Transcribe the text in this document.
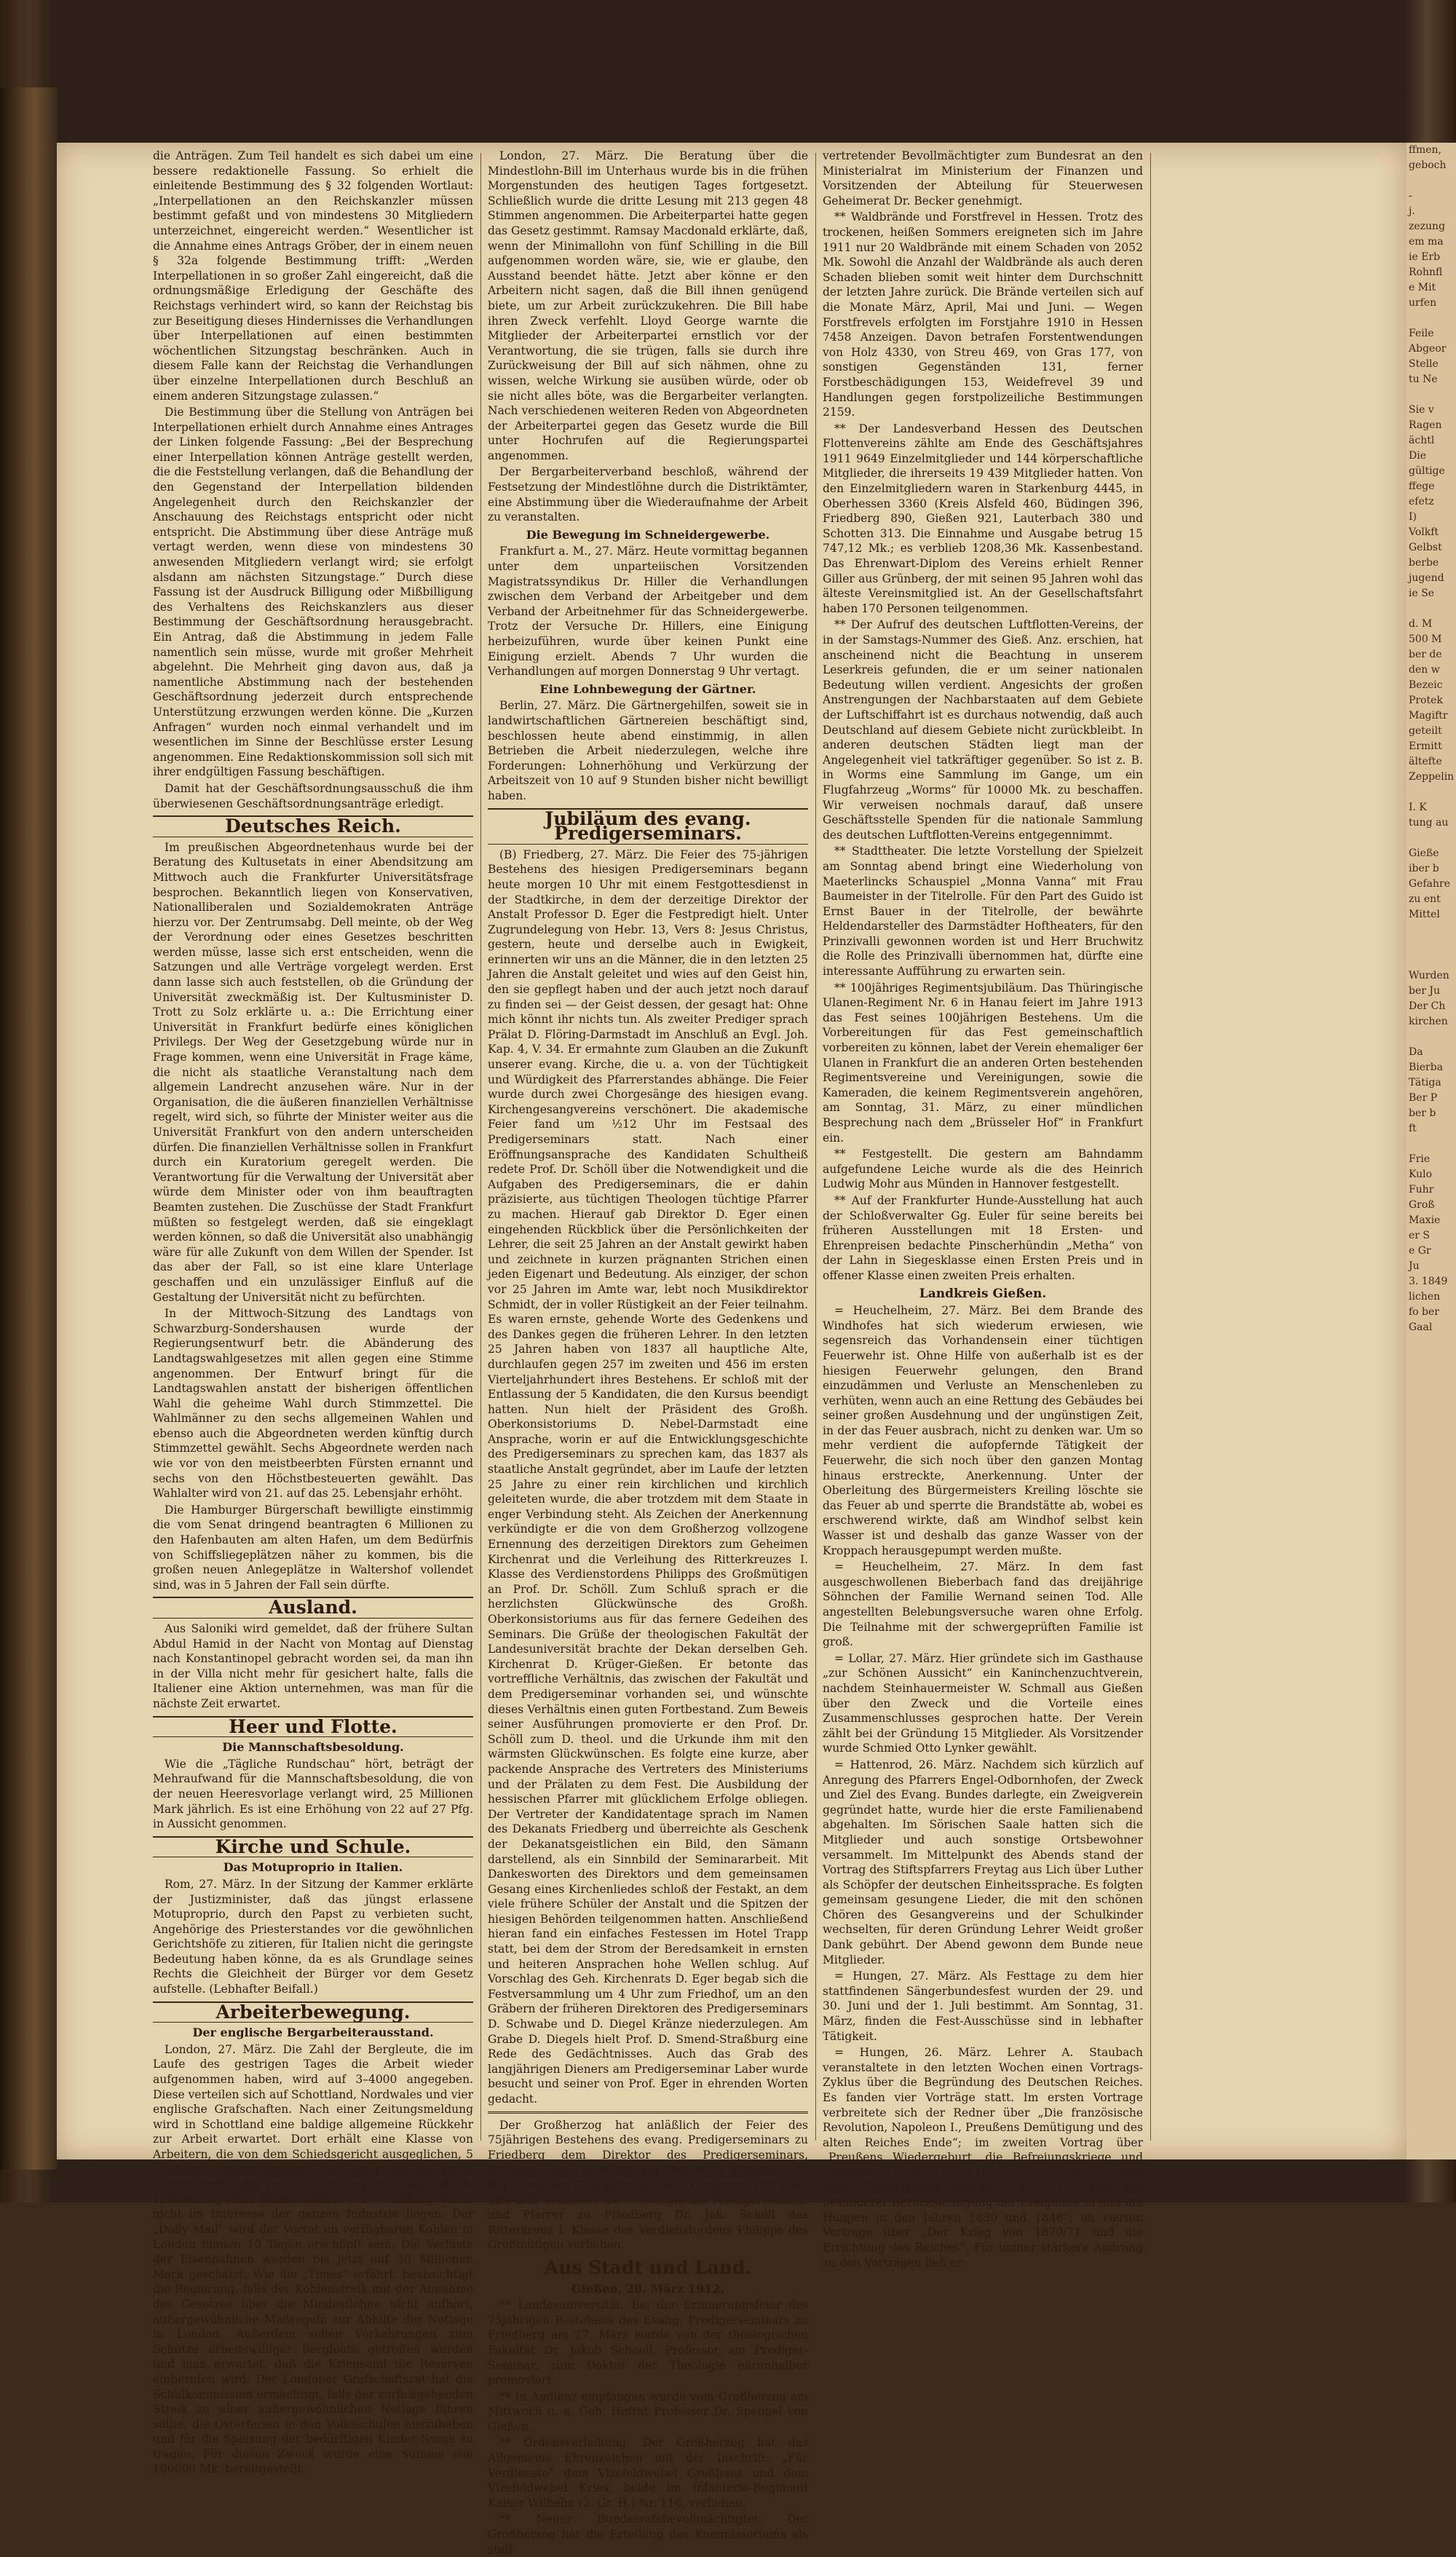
die Anträgen. Zum Teil handelt es sich dabei um eine bessere redaktionelle Fassung. So erhielt die einleitende Bestimmung des § 32 folgenden Wortlaut: „Interpellationen an den Reichskanzler müssen bestimmt gefaßt und von mindestens 30 Mitgliedern unterzeichnet, eingereicht werden.“ Wesentlicher ist die Annahme eines Antrags Gröber, der in einem neuen § 32a folgende Bestimmung trifft: „Werden Interpellationen in so großer Zahl eingereicht, daß die ordnungsmäßige Erledigung der Geschäfte des Reichstags verhindert wird, so kann der Reichstag bis zur Beseitigung dieses Hindernisses die Verhandlungen über Interpellationen auf einen bestimmten wöchentlichen Sitzungstag beschränken. Auch in diesem Falle kann der Reichstag die Verhandlungen über einzelne Interpellationen durch Beschluß an einem anderen Sitzungstage zulassen.“

Die Bestimmung über die Stellung von Anträgen bei Interpellationen erhielt durch Annahme eines Antrages der Linken folgende Fassung: „Bei der Besprechung einer Interpellation können Anträge gestellt werden, die die Feststellung verlangen, daß die Behandlung der den Gegenstand der Interpellation bildenden Angelegenheit durch den Reichskanzler der Anschauung des Reichstags entspricht oder nicht entspricht. Die Abstimmung über diese Anträge muß vertagt werden, wenn diese von mindestens 30 anwesenden Mitgliedern verlangt wird; sie erfolgt alsdann am nächsten Sitzungstage.“ Durch diese Fassung ist der Ausdruck Billigung oder Mißbilligung des Verhaltens des Reichskanzlers aus dieser Bestimmung der Geschäftsordnung herausgebracht. Ein Antrag, daß die Abstimmung in jedem Falle namentlich sein müsse, wurde mit großer Mehrheit abgelehnt. Die Mehrheit ging davon aus, daß ja namentliche Abstimmung nach der bestehenden Geschäftsordnung jederzeit durch entsprechende Unterstützung erzwungen werden könne. Die „Kurzen Anfragen“ wurden noch einmal verhandelt und im wesentlichen im Sinne der Beschlüsse erster Lesung angenommen. Eine Redaktionskommission soll sich mit ihrer endgültigen Fassung beschäftigen.

Damit hat der Geschäftsordnungsausschuß die ihm überwiesenen Geschäftsordnungsanträge erledigt.

Deutsches Reich.

Im preußischen Abgeordnetenhaus wurde bei der Beratung des Kultusetats in einer Abendsitzung am Mittwoch auch die Frankfurter Universitätsfrage besprochen. Bekanntlich liegen von Konservativen, Nationalliberalen und Sozialdemokraten Anträge hierzu vor. Der Zentrumsabg. Dell meinte, ob der Weg der Verordnung oder eines Gesetzes beschritten werden müsse, lasse sich erst entscheiden, wenn die Satzungen und alle Verträge vorgelegt werden. Erst dann lasse sich auch feststellen, ob die Gründung der Universität zweckmäßig ist. Der Kultusminister D. Trott zu Solz erklärte u. a.: Die Errichtung einer Universität in Frankfurt bedürfe eines königlichen Privilegs. Der Weg der Gesetzgebung würde nur in Frage kommen, wenn eine Universität in Frage käme, die nicht als staatliche Veranstaltung nach dem allgemein Landrecht anzusehen wäre. Nur in der Organisation, die die äußeren finanziellen Verhältnisse regelt, wird sich, so führte der Minister weiter aus die Universität Frankfurt von den andern unterscheiden dürfen. Die finanziellen Verhältnisse sollen in Frankfurt durch ein Kuratorium geregelt werden. Die Verantwortung für die Verwaltung der Universität aber würde dem Minister oder von ihm beauftragten Beamten zustehen. Die Zuschüsse der Stadt Frankfurt müßten so festgelegt werden, daß sie eingeklagt werden können, so daß die Universität also unabhängig wäre für alle Zukunft von dem Willen der Spender. Ist das aber der Fall, so ist eine klare Unterlage geschaffen und ein unzulässiger Einfluß auf die Gestaltung der Universität nicht zu befürchten.

In der Mittwoch-Sitzung des Landtags von Schwarzburg-Sondershausen wurde der Regierungsentwurf betr. die Abänderung des Landtagswahlgesetzes mit allen gegen eine Stimme angenommen. Der Entwurf bringt für die Landtagswahlen anstatt der bisherigen öffentlichen Wahl die geheime Wahl durch Stimmzettel. Die Wahlmänner zu den sechs allgemeinen Wahlen und ebenso auch die Abgeordneten werden künftig durch Stimmzettel gewählt. Sechs Abgeordnete werden nach wie vor von den meistbeerbten Fürsten ernannt und sechs von den Höchstbesteuerten gewählt. Das Wahlalter wird von 21. auf das 25. Lebensjahr erhöht.

Die Hamburger Bürgerschaft bewilligte einstimmig die vom Senat dringend beantragten 6 Millionen zu den Hafenbauten am alten Hafen, um dem Bedürfnis von Schiffsliegeplätzen näher zu kommen, bis die großen neuen Anlegeplätze in Waltershof vollendet sind, was in 5 Jahren der Fall sein dürfte.

Ausland.

Aus Saloniki wird gemeldet, daß der frühere Sultan Abdul Hamid in der Nacht von Montag auf Dienstag nach Konstantinopel gebracht worden sei, da man ihn in der Villa nicht mehr für gesichert halte, falls die Italiener eine Aktion unternehmen, was man für die nächste Zeit erwartet.

Heer und Flotte.
Die Mannschaftsbesoldung.

Wie die „Tägliche Rundschau“ hört, beträgt der Mehraufwand für die Mannschaftsbesoldung, die von der neuen Heeresvorlage verlangt wird, 25 Millionen Mark jährlich. Es ist eine Erhöhung von 22 auf 27 Pfg. in Aussicht genommen.

Kirche und Schule.
Das Motuproprio in Italien.

Rom, 27. März. In der Sitzung der Kammer erklärte der Justizminister, daß das jüngst erlassene Motuproprio, durch den Papst zu verbieten sucht, Angehörige des Priesterstandes vor die gewöhnlichen Gerichtshöfe zu zitieren, für Italien nicht die geringste Bedeutung haben könne, da es als Grundlage seines Rechts die Gleichheit der Bürger vor dem Gesetz aufstelle. (Lebhafter Beifall.)

Arbeiterbewegung.
Der englische Bergarbeiterausstand.

London, 27. März. Die Zahl der Bergleute, die im Laufe des gestrigen Tages die Arbeit wieder aufgenommen haben, wird auf 3–4000 angegeben. Diese verteilen sich auf Schottland, Nordwales und vier englische Grafschaften. Nach einer Zeitungsmeldung wird in Schottland eine baldige allgemeine Rückkehr zur Arbeit erwartet. Dort erhält eine Klasse von Arbeitern, die von dem Schiedsgericht ausgeglichen, 5 Schilling ernannt worden sind, nach wie vor einen Durchschnittslohn von 3½ Schilling pro Tag und die Festsetzung eines Mindestlohnes von 5 Schilling wurde nicht im Interesse der ganzen Industrie liegen. Der „Daily Mail“ wird der Vorrat an verfügbaren Kohlen in London binnen 10 Tagen erschöpft sein. Die Verluste der Eisenbahnen werden bis jetzt auf 30 Millionen Mark geschätzt. Wie die „Times“ erfährt, beabsichtigt die Regierung, falls der Kohlenstreik mit der Annahme des Gesetzes über die Mindestlöhne nicht aufhört, außergewöhnliche Maßregeln zur Abhilfe der Notlage in London. Außerdem sollen Vorkehrungen zum Schutze arbeitswilliger Bergleute getroffen werden und man erwartet, daß die Kriegsamt die Reserven einberufen wird. Der Londoner Grafschaftsrat hat die Schulkommission ermächtigt, falls der zurückgehenden Streik zu einer außergewöhnlichen Notlage führen sollte, die Osterferien in den Volksschulen auszuheben und für die Speisung der bedürftigen Kinder Sorge zu tragen. Für diesen Zweck wurde eine Summe von 100000 Mk. bereitgestellt.

London, 27. März. Die Beratung über die Mindestlohn-Bill im Unterhaus wurde bis in die frühen Morgenstunden des heutigen Tages fortgesetzt. Schließlich wurde die dritte Lesung mit 213 gegen 48 Stimmen angenommen. Die Arbeiterpartei hatte gegen das Gesetz gestimmt. Ramsay Macdonald erklärte, daß, wenn der Minimallohn von fünf Schilling in die Bill aufgenommen worden wäre, sie, wie er glaube, den Ausstand beendet hätte. Jetzt aber könne er den Arbeitern nicht sagen, daß die Bill ihnen genügend biete, um zur Arbeit zurückzukehren. Die Bill habe ihren Zweck verfehlt. Lloyd George warnte die Mitglieder der Arbeiterpartei ernstlich vor der Verantwortung, die sie trügen, falls sie durch ihre Zurückweisung der Bill auf sich nähmen, ohne zu wissen, welche Wirkung sie ausüben würde, oder ob sie nicht alles böte, was die Bergarbeiter verlangten. Nach verschiedenen weiteren Reden von Abgeordneten der Arbeiterpartei gegen das Gesetz wurde die Bill unter Hochrufen auf die Regierungspartei angenommen.

Der Bergarbeiterverband beschloß, während der Festsetzung der Mindestlöhne durch die Distriktämter, eine Abstimmung über die Wiederaufnahme der Arbeit zu veranstalten.

Die Bewegung im Schneidergewerbe.

Frankfurt a. M., 27. März. Heute vormittag begannen unter dem unparteiischen Vorsitzenden Magistratssyndikus Dr. Hiller die Verhandlungen zwischen dem Verband der Arbeitgeber und dem Verband der Arbeitnehmer für das Schneidergewerbe. Trotz der Versuche Dr. Hillers, eine Einigung herbeizuführen, wurde über keinen Punkt eine Einigung erzielt. Abends 7 Uhr wurden die Verhandlungen auf morgen Donnerstag 9 Uhr vertagt.

Eine Lohnbewegung der Gärtner.

Berlin, 27. März. Die Gärtnergehilfen, soweit sie in landwirtschaftlichen Gärtnereien beschäftigt sind, beschlossen heute abend einstimmig, in allen Betrieben die Arbeit niederzulegen, welche ihre Forderungen: Lohnerhöhung und Verkürzung der Arbeitszeit von 10 auf 9 Stunden bisher nicht bewilligt haben.

Jubiläum des evang. Predigerseminars.

(B) Friedberg, 27. März. Die Feier des 75-jährigen Bestehens des hiesigen Predigerseminars begann heute morgen 10 Uhr mit einem Festgottesdienst in der Stadtkirche, in dem der derzeitige Direktor der Anstalt Professor D. Eger die Festpredigt hielt. Unter Zugrundelegung von Hebr. 13, Vers 8: Jesus Christus, gestern, heute und derselbe auch in Ewigkeit, erinnerten wir uns an die Männer, die in den letzten 25 Jahren die Anstalt geleitet und wies auf den Geist hin, den sie gepflegt haben und der auch jetzt noch darauf zu finden sei — der Geist dessen, der gesagt hat: Ohne mich könnt ihr nichts tun. Als zweiter Prediger sprach Prälat D. Flöring-Darmstadt im Anschluß an Evgl. Joh. Kap. 4, V. 34. Er ermahnte zum Glauben an die Zukunft unserer evang. Kirche, die u. a. von der Tüchtigkeit und Würdigkeit des Pfarrerstandes abhänge. Die Feier wurde durch zwei Chorgesänge des hiesigen evang. Kirchengesangvereins verschönert. Die akademische Feier fand um ½12 Uhr im Festsaal des Predigerseminars statt. Nach einer Eröffnungsansprache des Kandidaten Schultheiß redete Prof. Dr. Schöll über die Notwendigkeit und die Aufgaben des Predigerseminars, die er dahin präzisierte, aus tüchtigen Theologen tüchtige Pfarrer zu machen. Hierauf gab Direktor D. Eger einen eingehenden Rückblick über die Persönlichkeiten der Lehrer, die seit 25 Jahren an der Anstalt gewirkt haben und zeichnete in kurzen prägnanten Strichen einen jeden Eigenart und Bedeutung. Als einziger, der schon vor 25 Jahren im Amte war, lebt noch Musikdirektor Schmidt, der in voller Rüstigkeit an der Feier teilnahm. Es waren ernste, gehende Worte des Gedenkens und des Dankes gegen die früheren Lehrer. In den letzten 25 Jahren haben von 1837 all hauptliche Alte, durchlaufen gegen 257 im zweiten und 456 im ersten Vierteljahrhundert ihres Bestehens. Er schloß mit der Entlassung der 5 Kandidaten, die den Kursus beendigt hatten. Nun hielt der Präsident des Großh. Oberkonsistoriums D. Nebel-Darmstadt eine Ansprache, worin er auf die Entwicklungsgeschichte des Predigerseminars zu sprechen kam, das 1837 als staatliche Anstalt gegründet, aber im Laufe der letzten 25 Jahre zu einer rein kirchlichen und kirchlich geleiteten wurde, die aber trotzdem mit dem Staate in enger Verbindung steht. Als Zeichen der Anerkennung verkündigte er die von dem Großherzog vollzogene Ernennung des derzeitigen Direktors zum Geheimen Kirchenrat und die Verleihung des Ritterkreuzes I. Klasse des Verdienstordens Philipps des Großmütigen an Prof. Dr. Schöll. Zum Schluß sprach er die herzlichsten Glückwünsche des Großh. Oberkonsistoriums aus für das fernere Gedeihen des Seminars. Die Grüße der theologischen Fakultät der Landesuniversität brachte der Dekan derselben Geh. Kirchenrat D. Krüger-Gießen. Er betonte das vortreffliche Verhältnis, das zwischen der Fakultät und dem Predigerseminar vorhanden sei, und wünschte dieses Verhältnis einen guten Fortbestand. Zum Beweis seiner Ausführungen promovierte er den Prof. Dr. Schöll zum D. theol. und die Urkunde ihm mit den wärmsten Glückwünschen. Es folgte eine kurze, aber packende Ansprache des Vertreters des Ministeriums und der Prälaten zu dem Fest. Die Ausbildung der hessischen Pfarrer mit glücklichem Erfolge obliegen. Der Vertreter der Kandidatentage sprach im Namen des Dekanats Friedberg und überreichte als Geschenk der Dekanatsgeistlichen ein Bild, den Sämann darstellend, als ein Sinnbild der Seminararbeit. Mit Dankesworten des Direktors und dem gemeinsamen Gesang eines Kirchenliedes schloß der Festakt, an dem viele frühere Schüler der Anstalt und die Spitzen der hiesigen Behörden teilgenommen hatten. Anschließend hieran fand ein einfaches Festessen im Hotel Trapp statt, bei dem der Strom der Beredsamkeit in ernsten und heiteren Ansprachen hohe Wellen schlug. Auf Vorschlag des Geh. Kirchenrats D. Eger begab sich die Festversammlung um 4 Uhr zum Friedhof, um an den Gräbern der früheren Direktoren des Predigerseminars D. Schwabe und D. Diegel Kränze niederzulegen. Am Grabe D. Diegels hielt Prof. D. Smend-Straßburg eine Rede des Gedächtnisses. Auch das Grab des langjährigen Dieners am Predigerseminar Laber wurde besucht und seiner von Prof. Eger in ehrenden Worten gedacht.

Der Großherzog hat anläßlich der Feier des 75jährigen Bestehens des evang. Predigerseminars zu Friedberg dem Direktor des Predigerseminars, Professor der Theologie und Pfarrer zu Friedberg D. Karl Eger den Charakter als Geh. Kirchenrat verliehen und dem Professor der Theologie am Predigerseminar und Pfarrer zu Friedberg Dr. Jak. Schöll das Ritterkreuz I. Klasse des Verdienstordens Philipps des Großmütigen verliehen.

Aus Stadt und Land.
Gießen, 28. März 1912.

** Landesuniversität. Bei der Erinnerungsfeier des 75jährigen Bestehens des Evang. Predigerseminars zu Friedberg am 27. März wurde von der theologischen Fakultät Dr. Jakob Schoell, Professor am Prediger-Seminar, zum Doktor der Theologie ehrenhalber promoviert.

** In Audienz empfangen wurde vom Großherzog am Mittwoch u. a. Geh. Hofrat Professor Dr. Spengel von Gießen.

** Ordensverleihung. Der Großherzog hat das Allgemeine Ehrenzeichen mit der Inschrift: „Für Verdienste“ dem Vizefeldwebel Großhaus und dem Vizefeldwebel Kries, beide im Infanterie-Regiment Kaiser Wilhelm (2. Gr. H.) Nr. 116, verliehen.

** Neuer Bundesratsbevollmächtigter. Der Großherzog hat die Erteilung des Kommissoriums als stell-

vertretender Bevollmächtigter zum Bundesrat an den Ministerialrat im Ministerium der Finanzen und Vorsitzenden der Abteilung für Steuerwesen Geheimerat Dr. Becker genehmigt.

** Waldbrände und Forstfrevel in Hessen. Trotz des trockenen, heißen Sommers ereigneten sich im Jahre 1911 nur 20 Waldbrände mit einem Schaden von 2052 Mk. Sowohl die Anzahl der Waldbrände als auch deren Schaden blieben somit weit hinter dem Durchschnitt der letzten Jahre zurück. Die Brände verteilen sich auf die Monate März, April, Mai und Juni. — Wegen Forstfrevels erfolgten im Forstjahre 1910 in Hessen 7458 Anzeigen. Davon betrafen Forstentwendungen von Holz 4330, von Streu 469, von Gras 177, von sonstigen Gegenständen 131, ferner Forstbeschädigungen 153, Weidefrevel 39 und Handlungen gegen forstpolizeiliche Bestimmungen 2159.

** Der Landesverband Hessen des Deutschen Flottenvereins zählte am Ende des Geschäftsjahres 1911 9649 Einzelmitglieder und 144 körperschaftliche Mitglieder, die ihrerseits 19 439 Mitglieder hatten. Von den Einzelmitgliedern waren in Starkenburg 4445, in Oberhessen 3360 (Kreis Alsfeld 460, Büdingen 396, Friedberg 890, Gießen 921, Lauterbach 380 und Schotten 313. Die Einnahme und Ausgabe betrug 15 747,12 Mk.; es verblieb 1208,36 Mk. Kassenbestand. Das Ehrenwart-Diplom des Vereins erhielt Renner Giller aus Grünberg, der mit seinen 95 Jahren wohl das älteste Vereinsmitglied ist. An der Gesellschaftsfahrt haben 170 Personen teilgenommen.

** Der Aufruf des deutschen Luftflotten-Vereins, der in der Samstags-Nummer des Gieß. Anz. erschien, hat anscheinend nicht die Beachtung in unserem Leserkreis gefunden, die er um seiner nationalen Bedeutung willen verdient. Angesichts der großen Anstrengungen der Nachbarstaaten auf dem Gebiete der Luftschiffahrt ist es durchaus notwendig, daß auch Deutschland auf diesem Gebiete nicht zurückbleibt. In anderen deutschen Städten liegt man der Angelegenheit viel tatkräftiger gegenüber. So ist z. B. in Worms eine Sammlung im Gange, um ein Flugfahrzeug „Worms“ für 10000 Mk. zu beschaffen. Wir verweisen nochmals darauf, daß unsere Geschäftsstelle Spenden für die nationale Sammlung des deutschen Luftflotten-Vereins entgegennimmt.

** Stadttheater. Die letzte Vorstellung der Spielzeit am Sonntag abend bringt eine Wiederholung von Maeterlincks Schauspiel „Monna Vanna“ mit Frau Baumeister in der Titelrolle. Für den Part des Guido ist Ernst Bauer in der Titelrolle, der bewährte Heldendarsteller des Darmstädter Hoftheaters, für den Prinzivalli gewonnen worden ist und Herr Bruchwitz die Rolle des Prinzivalli übernommen hat, dürfte eine interessante Aufführung zu erwarten sein.

** 100jähriges Regimentsjubiläum. Das Thüringische Ulanen-Regiment Nr. 6 in Hanau feiert im Jahre 1913 das Fest seines 100jährigen Bestehens. Um die Vorbereitungen für das Fest gemeinschaftlich vorbereiten zu können, labet der Verein ehemaliger 6er Ulanen in Frankfurt die an anderen Orten bestehenden Regimentsvereine und Vereinigungen, sowie die Kameraden, die keinem Regimentsverein angehören, am Sonntag, 31. März, zu einer mündlichen Besprechung nach dem „Brüsseler Hof“ in Frankfurt ein.

** Festgestellt. Die gestern am Bahndamm aufgefundene Leiche wurde als die des Heinrich Ludwig Mohr aus Münden in Hannover festgestellt.

** Auf der Frankfurter Hunde-Ausstellung hat auch der Schloßverwalter Gg. Euler für seine bereits bei früheren Ausstellungen mit 18 Ersten- und Ehrenpreisen bedachte Pinscherhündin „Metha“ von der Lahn in Siegesklasse einen Ersten Preis und in offener Klasse einen zweiten Preis erhalten.

Landkreis Gießen.

= Heuchelheim, 27. März. Bei dem Brande des Windhofes hat sich wiederum erwiesen, wie segensreich das Vorhandensein einer tüchtigen Feuerwehr ist. Ohne Hilfe von außerhalb ist es der hiesigen Feuerwehr gelungen, den Brand einzudämmen und Verluste an Menschenleben zu verhüten, wenn auch an eine Rettung des Gebäudes bei seiner großen Ausdehnung und der ungünstigen Zeit, in der das Feuer ausbrach, nicht zu denken war. Um so mehr verdient die aufopfernde Tätigkeit der Feuerwehr, die sich noch über den ganzen Montag hinaus erstreckte, Anerkennung. Unter der Oberleitung des Bürgermeisters Kreiling löschte sie das Feuer ab und sperrte die Brandstätte ab, wobei es erschwerend wirkte, daß am Windhof selbst kein Wasser ist und deshalb das ganze Wasser von der Kroppach herausgepumpt werden mußte.

= Heuchelheim, 27. März. In dem fast ausgeschwollenen Bieberbach fand das dreijährige Söhnchen der Familie Wernand seinen Tod. Alle angestellten Belebungsversuche waren ohne Erfolg. Die Teilnahme mit der schwergeprüften Familie ist groß.

= Lollar, 27. März. Hier gründete sich im Gasthause „zur Schönen Aussicht“ ein Kaninchenzuchtverein, nachdem Steinhauermeister W. Schmall aus Gießen über den Zweck und die Vorteile eines Zusammenschlusses gesprochen hatte. Der Verein zählt bei der Gründung 15 Mitglieder. Als Vorsitzender wurde Schmied Otto Lynker gewählt.

= Hattenrod, 26. März. Nachdem sich kürzlich auf Anregung des Pfarrers Engel-Odbornhofen, der Zweck und Ziel des Evang. Bundes darlegte, ein Zweigverein gegründet hatte, wurde hier die erste Familienabend abgehalten. Im Sörischen Saale hatten sich die Mitglieder und auch sonstige Ortsbewohner versammelt. Im Mittelpunkt des Abends stand der Vortrag des Stiftspfarrers Freytag aus Lich über Luther als Schöpfer der deutschen Einheitssprache. Es folgten gemeinsam gesungene Lieder, die mit den schönen Chören des Gesangvereins und der Schulkinder wechselten, für deren Gründung Lehrer Weidt großer Dank gebührt. Der Abend gewonn dem Bunde neue Mitglieder.

= Hungen, 27. März. Als Festtage zu dem hier stattfindenen Sängerbundesfest wurden der 29. und 30. Juni und der 1. Juli bestimmt. Am Sonntag, 31. März, finden die Fest-Ausschüsse sind in lebhafter Tätigkeit.

= Hungen, 26. März. Lehrer A. Staubach veranstaltete in den letzten Wochen einen Vortrags-Zyklus über die Begründung des Deutschen Reiches. Es fanden vier Vorträge statt. Im ersten Vortrage verbreitete sich der Redner über „Die französische Revolution, Napoleon I., Preußens Demütigung und des alten Reiches Ende“; im zweiten Vortrag über „Preußens Wiedergeburt, die Befreiungskriege und Napoleons Ende (1807—1821)“; in dritten Vortrage über „Einheitsbestrebungen von 1815—1866 mit besonderer Berücksichtigung der Ereignisse in und um Hungen in den Jahren 1830 und 1848“; im vierten Vortrage über „Der Krieg von 1870/71 und die Errichtung des Reiches“. Für immer stärkere Andrang zu den Vorträgen ließ er

ffmen,
geboch

-
j.
zezung
em ma
ie Erb
Rohnfl
e Mit
urfen

Feile
Abgeor
Stelle
tu Ne

Sie v
Ragen
ächtl
Die
gültige
ffege
efetz
I)
Volkft
Gelbst
berbe
jugend
ie Se

d. M
500 M
ber de
den w
Bezeic
Protek
Magiftr
geteilt
Ermitt
ältefte
Zeppelin

I. K
tung au

Gieße
iber b
Gefahre
zu ent
Mittel

Wurden
ber Ju
Der Ch
kirchen

Da
Bierba
Tätiga
Ber P
ber b
ft

Frie
Kulo
Fuhr
Groß
Maxie
er S
e Gr
Ju
3. 1849
lichen
fo ber
Gaal
